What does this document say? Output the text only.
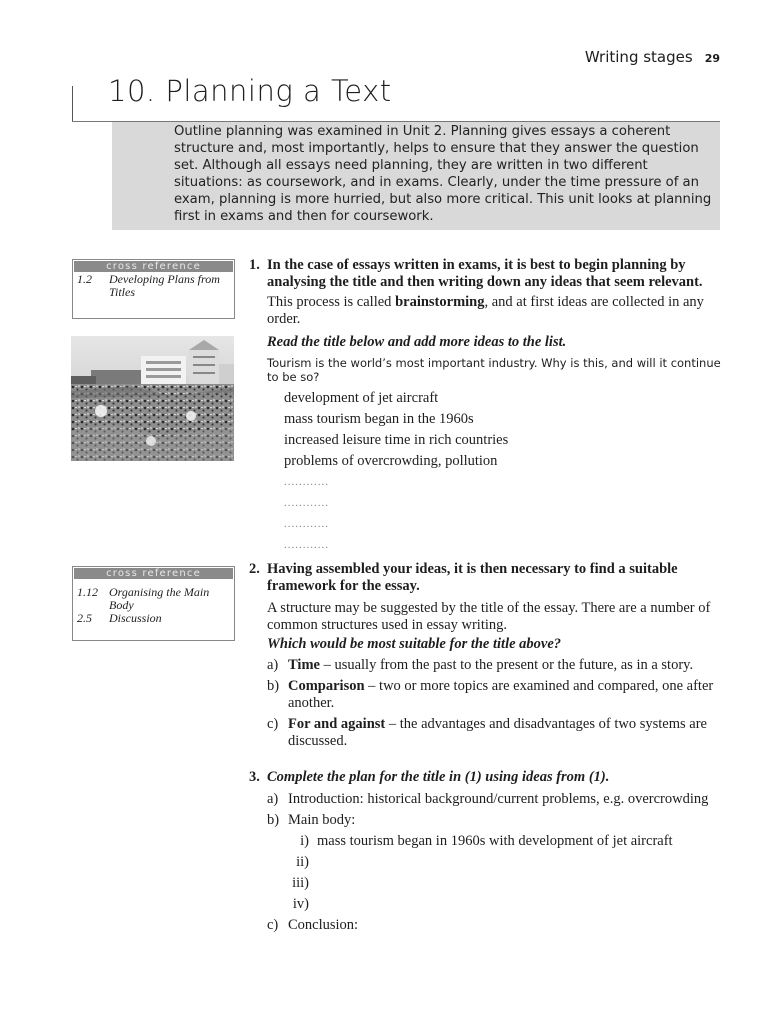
Writing stages 29
10. Planning a Text
Outline planning was examined in Unit 2. Planning gives essays a coherent structure and, most importantly, helps to ensure that they answer the question set. Although all essays need planning, they are written in two different situations: as coursework, and in exams. Clearly, under the time pressure of an exam, planning is more hurried, but also more critical. This unit looks at planning first in exams and then for coursework.
cross reference
1.2	Developing Plans from Titles
1. In the case of essays written in exams, it is best to begin planning by analysing the title and then writing down any ideas that seem relevant.
This process is called brainstorming, and at first ideas are collected in any order.
Read the title below and add more ideas to the list.
Tourism is the world’s most important industry. Why is this, and will it continue to be so?
development of jet aircraft
mass tourism began in the 1960s
increased leisure time in rich countries
problems of overcrowding, pollution
............
............
............
............
cross reference
1.12 Organising the Main Body
2.5	Discussion
2. Having assembled your ideas, it is then necessary to find a suitable framework for the essay.
A structure may be suggested by the title of the essay. There are a number of common structures used in essay writing.
Which would be most suitable for the title above?
a) Time – usually from the past to the present or the future, as in a story.
b) Comparison – two or more topics are examined and compared, one after another.
c) For and against – the advantages and disadvantages of two systems are discussed.
3. Complete the plan for the title in (1) using ideas from (1).
a) Introduction: historical background/current problems, e.g. overcrowding
b) Main body:
i) mass tourism began in 1960s with development of jet aircraft
ii)
iii)
iv)
c) Conclusion:
